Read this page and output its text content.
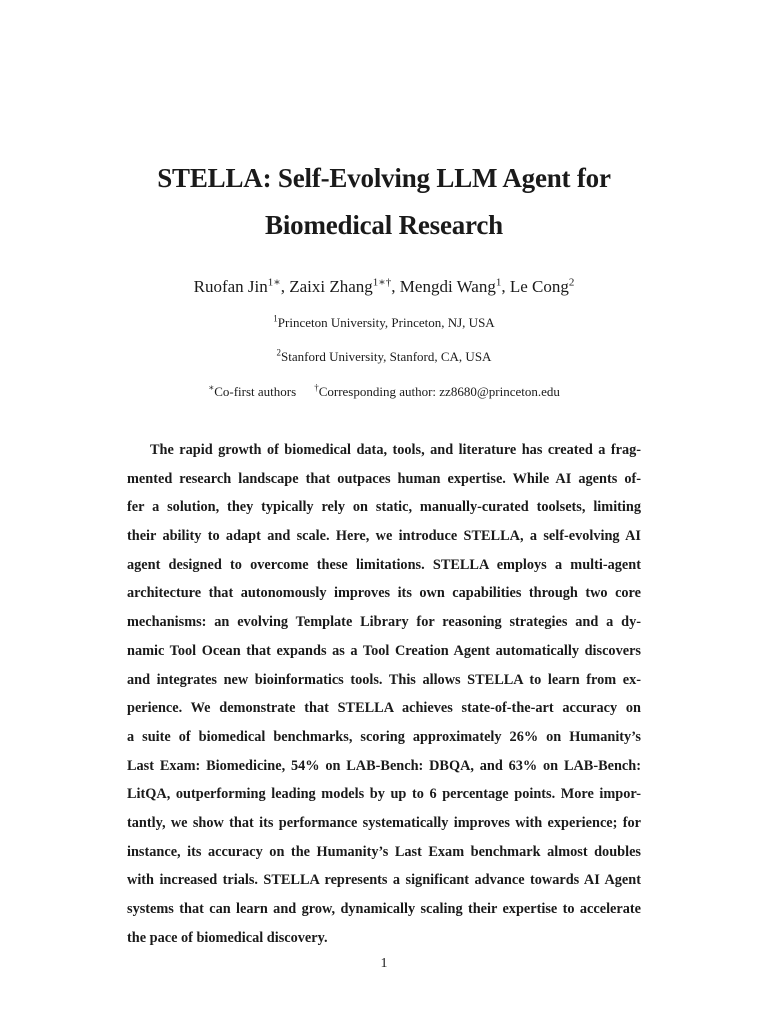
STELLA: Self-Evolving LLM Agent for
Biomedical Research
Ruofan Jin$^{1∗}$, Zaixi Zhang$^{1∗\dagger}$, Mengdi Wang$^1$, Le Cong$^2$
$^1$Princeton University, Princeton, NJ, USA
$^2$Stanford University, Stanford, CA, USA
∗Co-first authors †Corresponding author: zz8680@princeton.edu
The rapid growth of biomedical data, tools, and literature has created a frag-
mented research landscape that outpaces human expertise. While AI agents of-
fer a solution, they typically rely on static, manually-curated toolsets, limiting
their ability to adapt and scale. Here, we introduce STELLA, a self-evolving AI
agent designed to overcome these limitations. STELLA employs a multi-agent
architecture that autonomously improves its own capabilities through two core
mechanisms: an evolving Template Library for reasoning strategies and a dy-
namic Tool Ocean that expands as a Tool Creation Agent automatically discovers
and integrates new bioinformatics tools. This allows STELLA to learn from ex-
perience. We demonstrate that STELLA achieves state-of-the-art accuracy on
a suite of biomedical benchmarks, scoring approximately 26% on Humanity’s
Last Exam: Biomedicine, 54% on LAB-Bench: DBQA, and 63% on LAB-Bench:
LitQA, outperforming leading models by up to 6 percentage points. More impor-
tantly, we show that its performance systematically improves with experience; for
instance, its accuracy on the Humanity’s Last Exam benchmark almost doubles
with increased trials. STELLA represents a significant advance towards AI Agent
systems that can learn and grow, dynamically scaling their expertise to accelerate
the pace of biomedical discovery.
1
